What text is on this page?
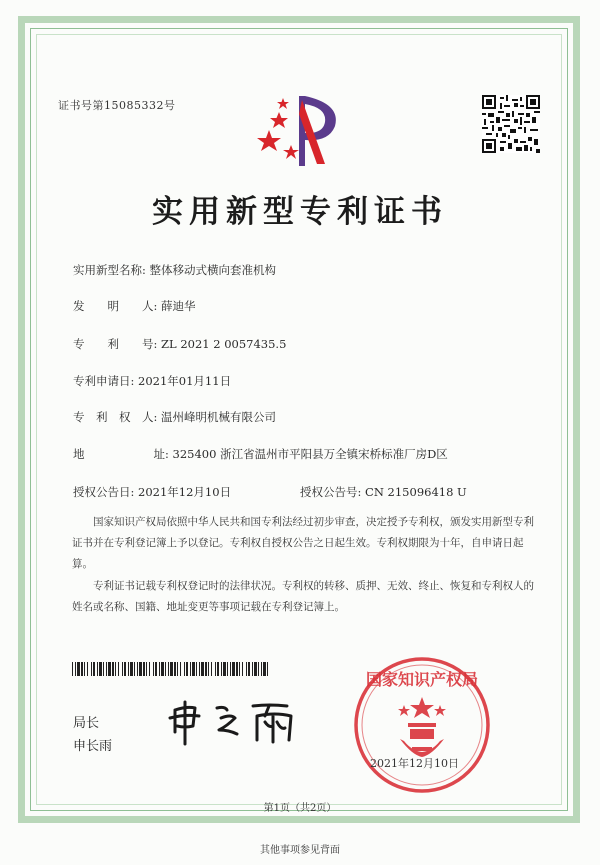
证书号第15085332号
实用新型专利证书
实用新型名称: 整体移动式横向套准机构
发　　明　　人: 薛迪华
专　　利　　号: ZL 2021 2 0057435.5
专利申请日: 2021年01月11日
专　利　权　人: 温州峰明机械有限公司
地　　　　　　址: 325400 浙江省温州市平阳县万全镇宋桥标准厂房D区
授权公告日: 2021年12月10日	授权公告号: CN 215096418 U
国家知识产权局依照中华人民共和国专利法经过初步审查，决定授予专利权，颁发实用新型专利证书并在专利登记簿上予以登记。专利权自授权公告之日起生效。专利权期限为十年，自申请日起算。
专利证书记载专利权登记时的法律状况。专利权的转移、质押、无效、终止、恢复和专利权人的姓名或名称、国籍、地址变更等事项记载在专利登记簿上。
局长
申长雨
国家知识产权局
2021年12月10日
第1页（共2页）
其他事项参见背面
